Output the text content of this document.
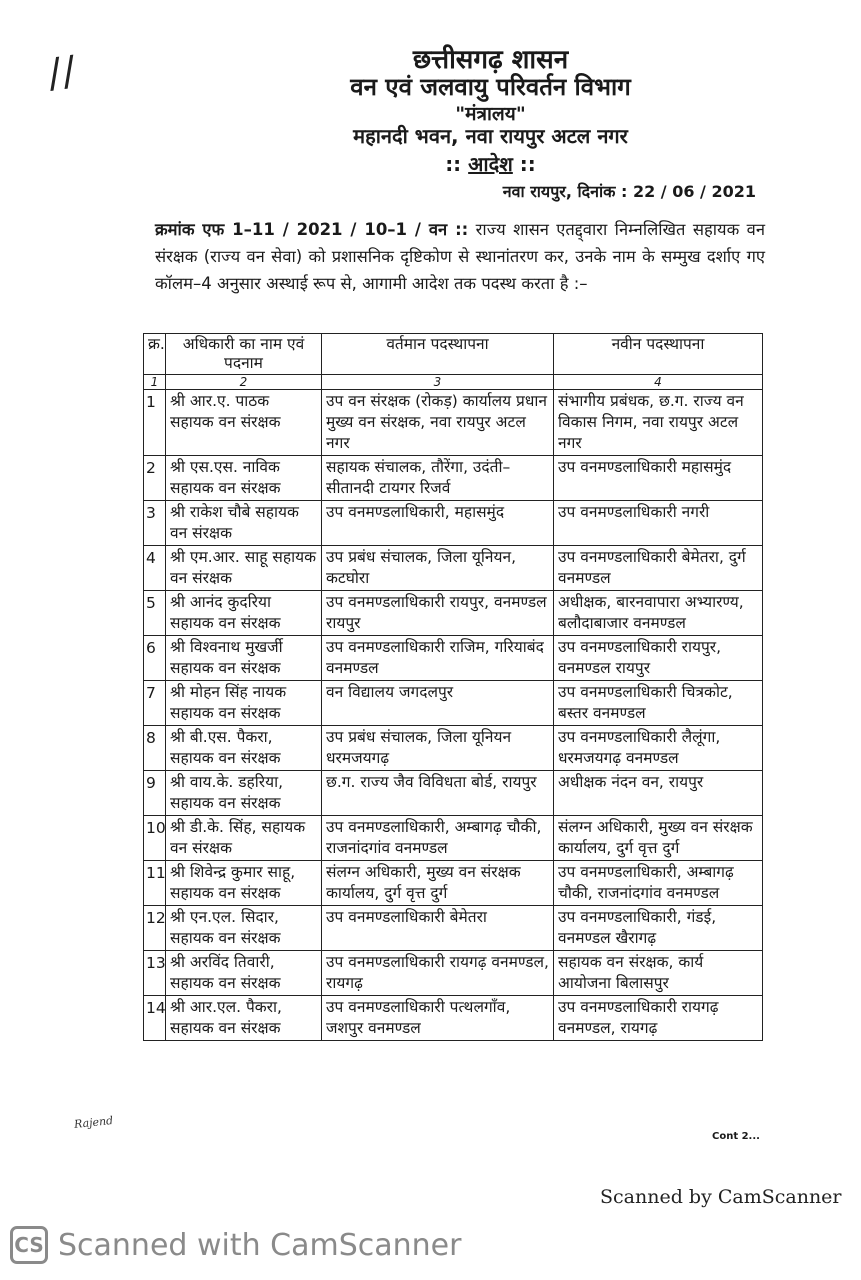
/ /	छत्तीसगढ़ शासन
वन एवं जलवायु परिवर्तन विभाग
"मंत्रालय"
महानदी भवन, नवा रायपुर अटल नगर
:: आदेश ::
नवा रायपुर, दिनांक : 22 / 06 / 2021
क्रमांक एफ 1–11 / 2021 / 10–1 / वन :: राज्य शासन एतद्द्वारा निम्नलिखित सहायक वन संरक्षक (राज्य वन सेवा) को प्रशासनिक दृष्टिकोण से स्थानांतरण कर, उनके नाम के सम्मुख दर्शाए गए कॉलम–4 अनुसार अस्थाई रूप से, आगामी आदेश तक पदस्थ करता है :–
क्र.	अधिकारी का नाम एवं पदनाम	वर्तमान पदस्थापना	नवीन पदस्थापना
1	2	3	4
1	श्री आर.ए. पाठक सहायक वन संरक्षक	उप वन संरक्षक (रोकड़) कार्यालय प्रधान मुख्य वन संरक्षक, नवा रायपुर अटल नगर	संभागीय प्रबंधक, छ.ग. राज्य वन विकास निगम, नवा रायपुर अटल नगर
2	श्री एस.एस. नाविक सहायक वन संरक्षक	सहायक संचालक, तौरेंगा, उदंती–सीतानदी टायगर रिजर्व	उप वनमण्डलाधिकारी महासमुंद
3	श्री राकेश चौबे सहायक वन संरक्षक	उप वनमण्डलाधिकारी, महासमुंद	उप वनमण्डलाधिकारी नगरी
4	श्री एम.आर. साहू सहायक वन संरक्षक	उप प्रबंध संचालक, जिला यूनियन, कटघोरा	उप वनमण्डलाधिकारी बेमेतरा, दुर्ग वनमण्डल
5	श्री आनंद कुदरिया सहायक वन संरक्षक	उप वनमण्डलाधिकारी रायपुर, वनमण्डल रायपुर	अधीक्षक, बारनवापारा अभ्यारण्य, बलौदाबाजार वनमण्डल
6	श्री विश्वनाथ मुखर्जी सहायक वन संरक्षक	उप वनमण्डलाधिकारी राजिम, गरियाबंद वनमण्डल	उप वनमण्डलाधिकारी रायपुर, वनमण्डल रायपुर
7	श्री मोहन सिंह नायक सहायक वन संरक्षक	वन विद्यालय जगदलपुर	उप वनमण्डलाधिकारी चित्रकोट, बस्तर वनमण्डल
8	श्री बी.एस. पैकरा, सहायक वन संरक्षक	उप प्रबंध संचालक, जिला यूनियन धरमजयगढ़	उप वनमण्डलाधिकारी लैलूंगा, धरमजयगढ़ वनमण्डल
9	श्री वाय.के. डहरिया, सहायक वन संरक्षक	छ.ग. राज्य जैव विविधता बोर्ड, रायपुर	अधीक्षक नंदन वन, रायपुर
10	श्री डी.के. सिंह, सहायक वन संरक्षक	उप वनमण्डलाधिकारी, अम्बागढ़ चौकी, राजनांदगांव वनमण्डल	संलग्न अधिकारी, मुख्य वन संरक्षक कार्यालय, दुर्ग वृत्त दुर्ग
11	श्री शिवेन्द्र कुमार साहू, सहायक वन संरक्षक	संलग्न अधिकारी, मुख्य वन संरक्षक कार्यालय, दुर्ग वृत्त दुर्ग	उप वनमण्डलाधिकारी, अम्बागढ़ चौकी, राजनांदगांव वनमण्डल
12	श्री एन.एल. सिदार, सहायक वन संरक्षक	उप वनमण्डलाधिकारी बेमेतरा	उप वनमण्डलाधिकारी, गंडई, वनमण्डल खैरागढ़
13	श्री अरविंद तिवारी, सहायक वन संरक्षक	उप वनमण्डलाधिकारी रायगढ़ वनमण्डल, रायगढ़	सहायक वन संरक्षक, कार्य आयोजना बिलासपुर
14	श्री आर.एल. पैकरा, सहायक वन संरक्षक	उप वनमण्डलाधिकारी पत्थलगाँव, जशपुर वनमण्डल	उप वनमण्डलाधिकारी रायगढ़ वनमण्डल, रायगढ़
Rajend
Cont 2...
Scanned by CamScanner
CS Scanned with CamScanner
